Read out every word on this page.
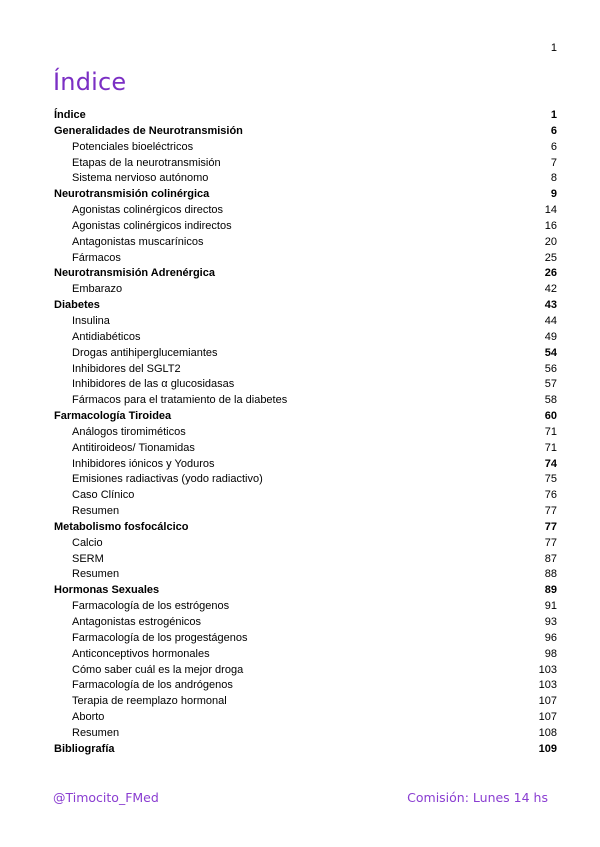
1
Índice
Índice	1
Generalidades de Neurotransmisión	6
Potenciales bioeléctricos	6
Etapas de la neurotransmisión	7
Sistema nervioso autónomo	8
Neurotransmisión colinérgica	9
Agonistas colinérgicos directos	14
Agonistas colinérgicos indirectos	16
Antagonistas muscarínicos	20
Fármacos	25
Neurotransmisión Adrenérgica	26
Embarazo	42
Diabetes	43
Insulina	44
Antidiabéticos	49
Drogas antihiperglucemiantes	54
Inhibidores del SGLT2	56
Inhibidores de las α glucosidasas	57
Fármacos para el tratamiento de la diabetes	58
Farmacología Tiroidea	60
Análogos tiromiméticos	71
Antitiroideos/ Tionamidas	71
Inhibidores iónicos y Yoduros	74
Emisiones radiactivas (yodo radiactivo)	75
Caso Clínico	76
Resumen	77
Metabolismo fosfocálcico	77
Calcio	77
SERM	87
Resumen	88
Hormonas Sexuales	89
Farmacología de los estrógenos	91
Antagonistas estrogénicos	93
Farmacología de los progestágenos	96
Anticonceptivos hormonales	98
Cómo saber cuál es la mejor droga	103
Farmacología de los andrógenos	103
Terapia de reemplazo hormonal	107
Aborto	107
Resumen	108
Bibliografía	109
@Timocito_FMed	Comisión: Lunes 14 hs
